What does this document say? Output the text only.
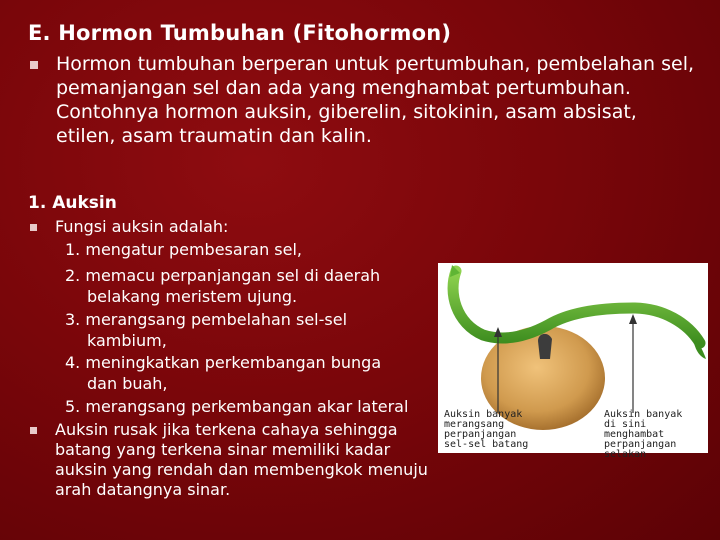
E. Hormon Tumbuhan (Fitohormon)
Hormon tumbuhan berperan untuk pertumbuhan, pembelahan sel, pemanjangan sel dan ada yang menghambat pertumbuhan. Contohnya hormon auksin, giberelin, sitokinin, asam absisat, etilen, asam traumatin dan kalin.
1. Auksin
Fungsi auksin adalah:
1. mengatur pembesaran sel,
2. memacu perpanjangan sel di daerah
belakang meristem ujung.
3. merangsang pembelahan sel-sel
kambium,
4. meningkatkan perkembangan bunga
dan buah,
5. merangsang perkembangan akar lateral
Auksin rusak jika terkena cahaya sehingga batang yang terkena sinar memiliki kadar auksin yang rendah dan membengkok menuju arah datangnya sinar.
Auksin banyak
merangsang
perpanjangan
sel-sel batang
Auksin banyak
di sini menghambat
perpanjangan
selakan
